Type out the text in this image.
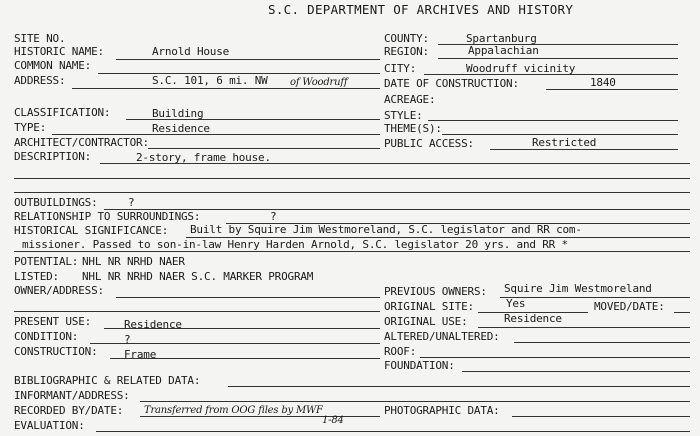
S.C. DEPARTMENT OF ARCHIVES AND HISTORY
SITE NO.
HISTORIC NAME:	Arnold House
COMMON NAME:
ADDRESS:	S.C. 101, 6 mi. NW of Woodruff
COUNTY:	Spartanburg
REGION:	Appalachian
CITY:	Woodruff vicinity
DATE OF CONSTRUCTION:	1840
ACREAGE:
CLASSIFICATION:	Building
TYPE:	Residence
ARCHITECT/CONTRACTOR:
DESCRIPTION:	2-story, frame house.
STYLE:
THEME(S):
PUBLIC ACCESS:	Restricted
OUTBUILDINGS:	?
RELATIONSHIP TO SURROUNDINGS:	?
HISTORICAL SIGNIFICANCE: Built by Squire Jim Westmoreland, S.C. legislator and RR com-
missioner. Passed to son-in-law Henry Harden Arnold, S.C. legislator 20 yrs. and RR *
POTENTIAL: NHL NR NRHD NAER
LISTED: NHL NR NRHD NAER S.C. MARKER PROGRAM
OWNER/ADDRESS:	PREVIOUS OWNERS: Squire Jim Westmoreland
ORIGINAL SITE:	Yes	MOVED/DATE:
PRESENT USE:	Residence	ORIGINAL USE:	Residence
CONDITION:	?	ALTERED/UNALTERED:
CONSTRUCTION: Frame	ROOF:
FOUNDATION:
BIBLIOGRAPHIC & RELATED DATA:
INFORMANT/ADDRESS:
RECORDED BY/DATE: Transferred from OOG files by MWF
1-84
PHOTOGRAPHIC DATA:
EVALUATION:
